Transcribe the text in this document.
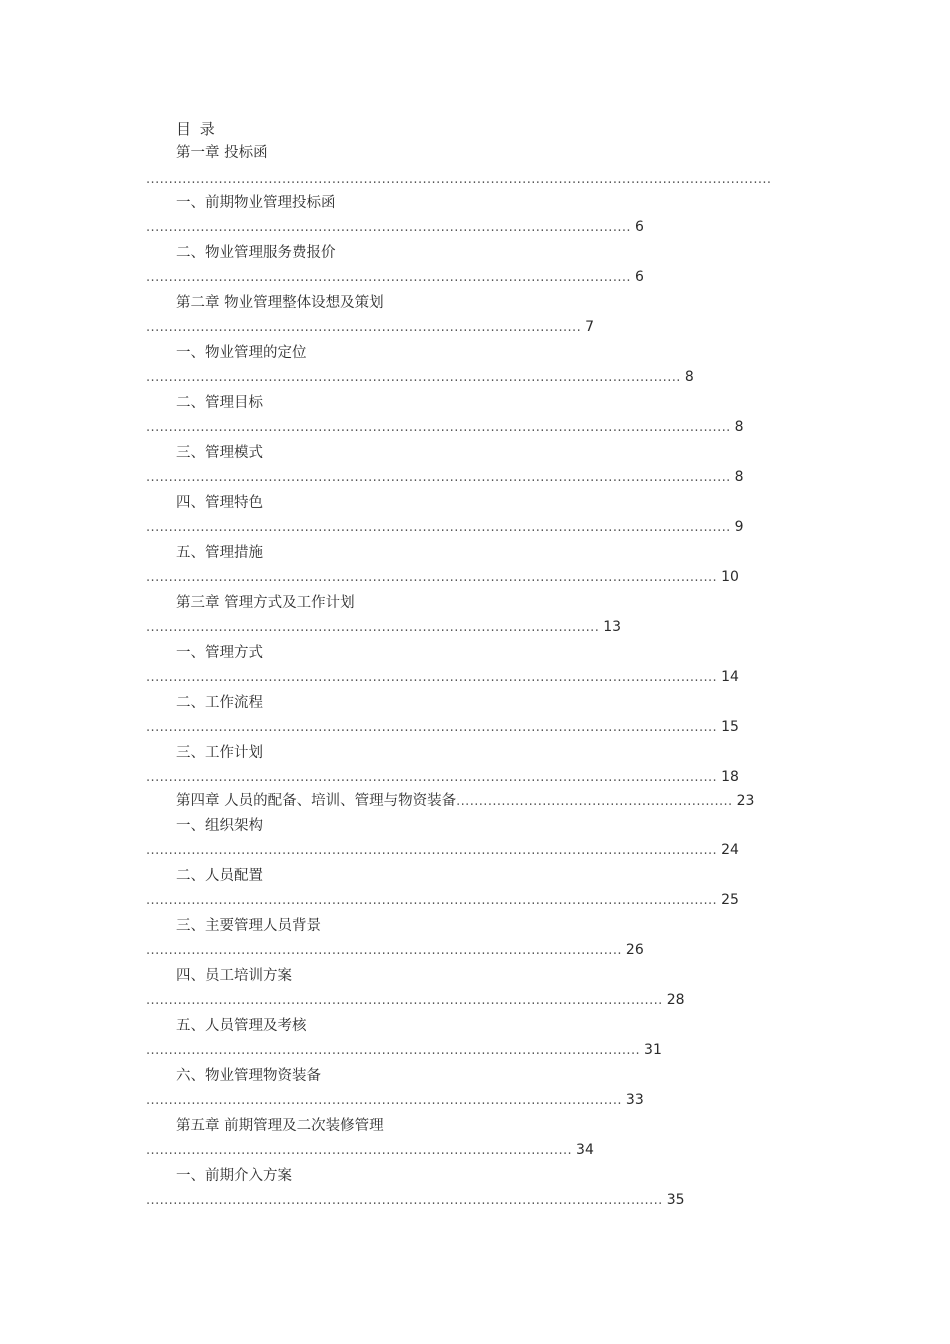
目 录
第一章 投标函
..........................................................................................................................................
一、前期物业管理投标函
........................................................................................................... 6
二、物业管理服务费报价
........................................................................................................... 6
第二章 物业管理整体设想及策划
................................................................................................ 7
一、物业管理的定位
...................................................................................................................... 8
二、管理目标
................................................................................................................................. 8
三、管理模式
................................................................................................................................. 8
四、管理特色
................................................................................................................................. 9
五、管理措施
.............................................................................................................................. 10
第三章 管理方式及工作计划
.................................................................................................... 13
一、管理方式
.............................................................................................................................. 14
二、工作流程
.............................................................................................................................. 15
三、工作计划
.............................................................................................................................. 18
第四章 人员的配备、培训、管理与物资装备............................................................. 23
一、组织架构
.............................................................................................................................. 24
二、人员配置
.............................................................................................................................. 25
三、主要管理人员背景
......................................................................................................... 26
四、员工培训方案
.................................................................................................................. 28
五、人员管理及考核
............................................................................................................. 31
六、物业管理物资装备
......................................................................................................... 33
第五章 前期管理及二次装修管理
.............................................................................................. 34
一、前期介入方案
.................................................................................................................. 35
